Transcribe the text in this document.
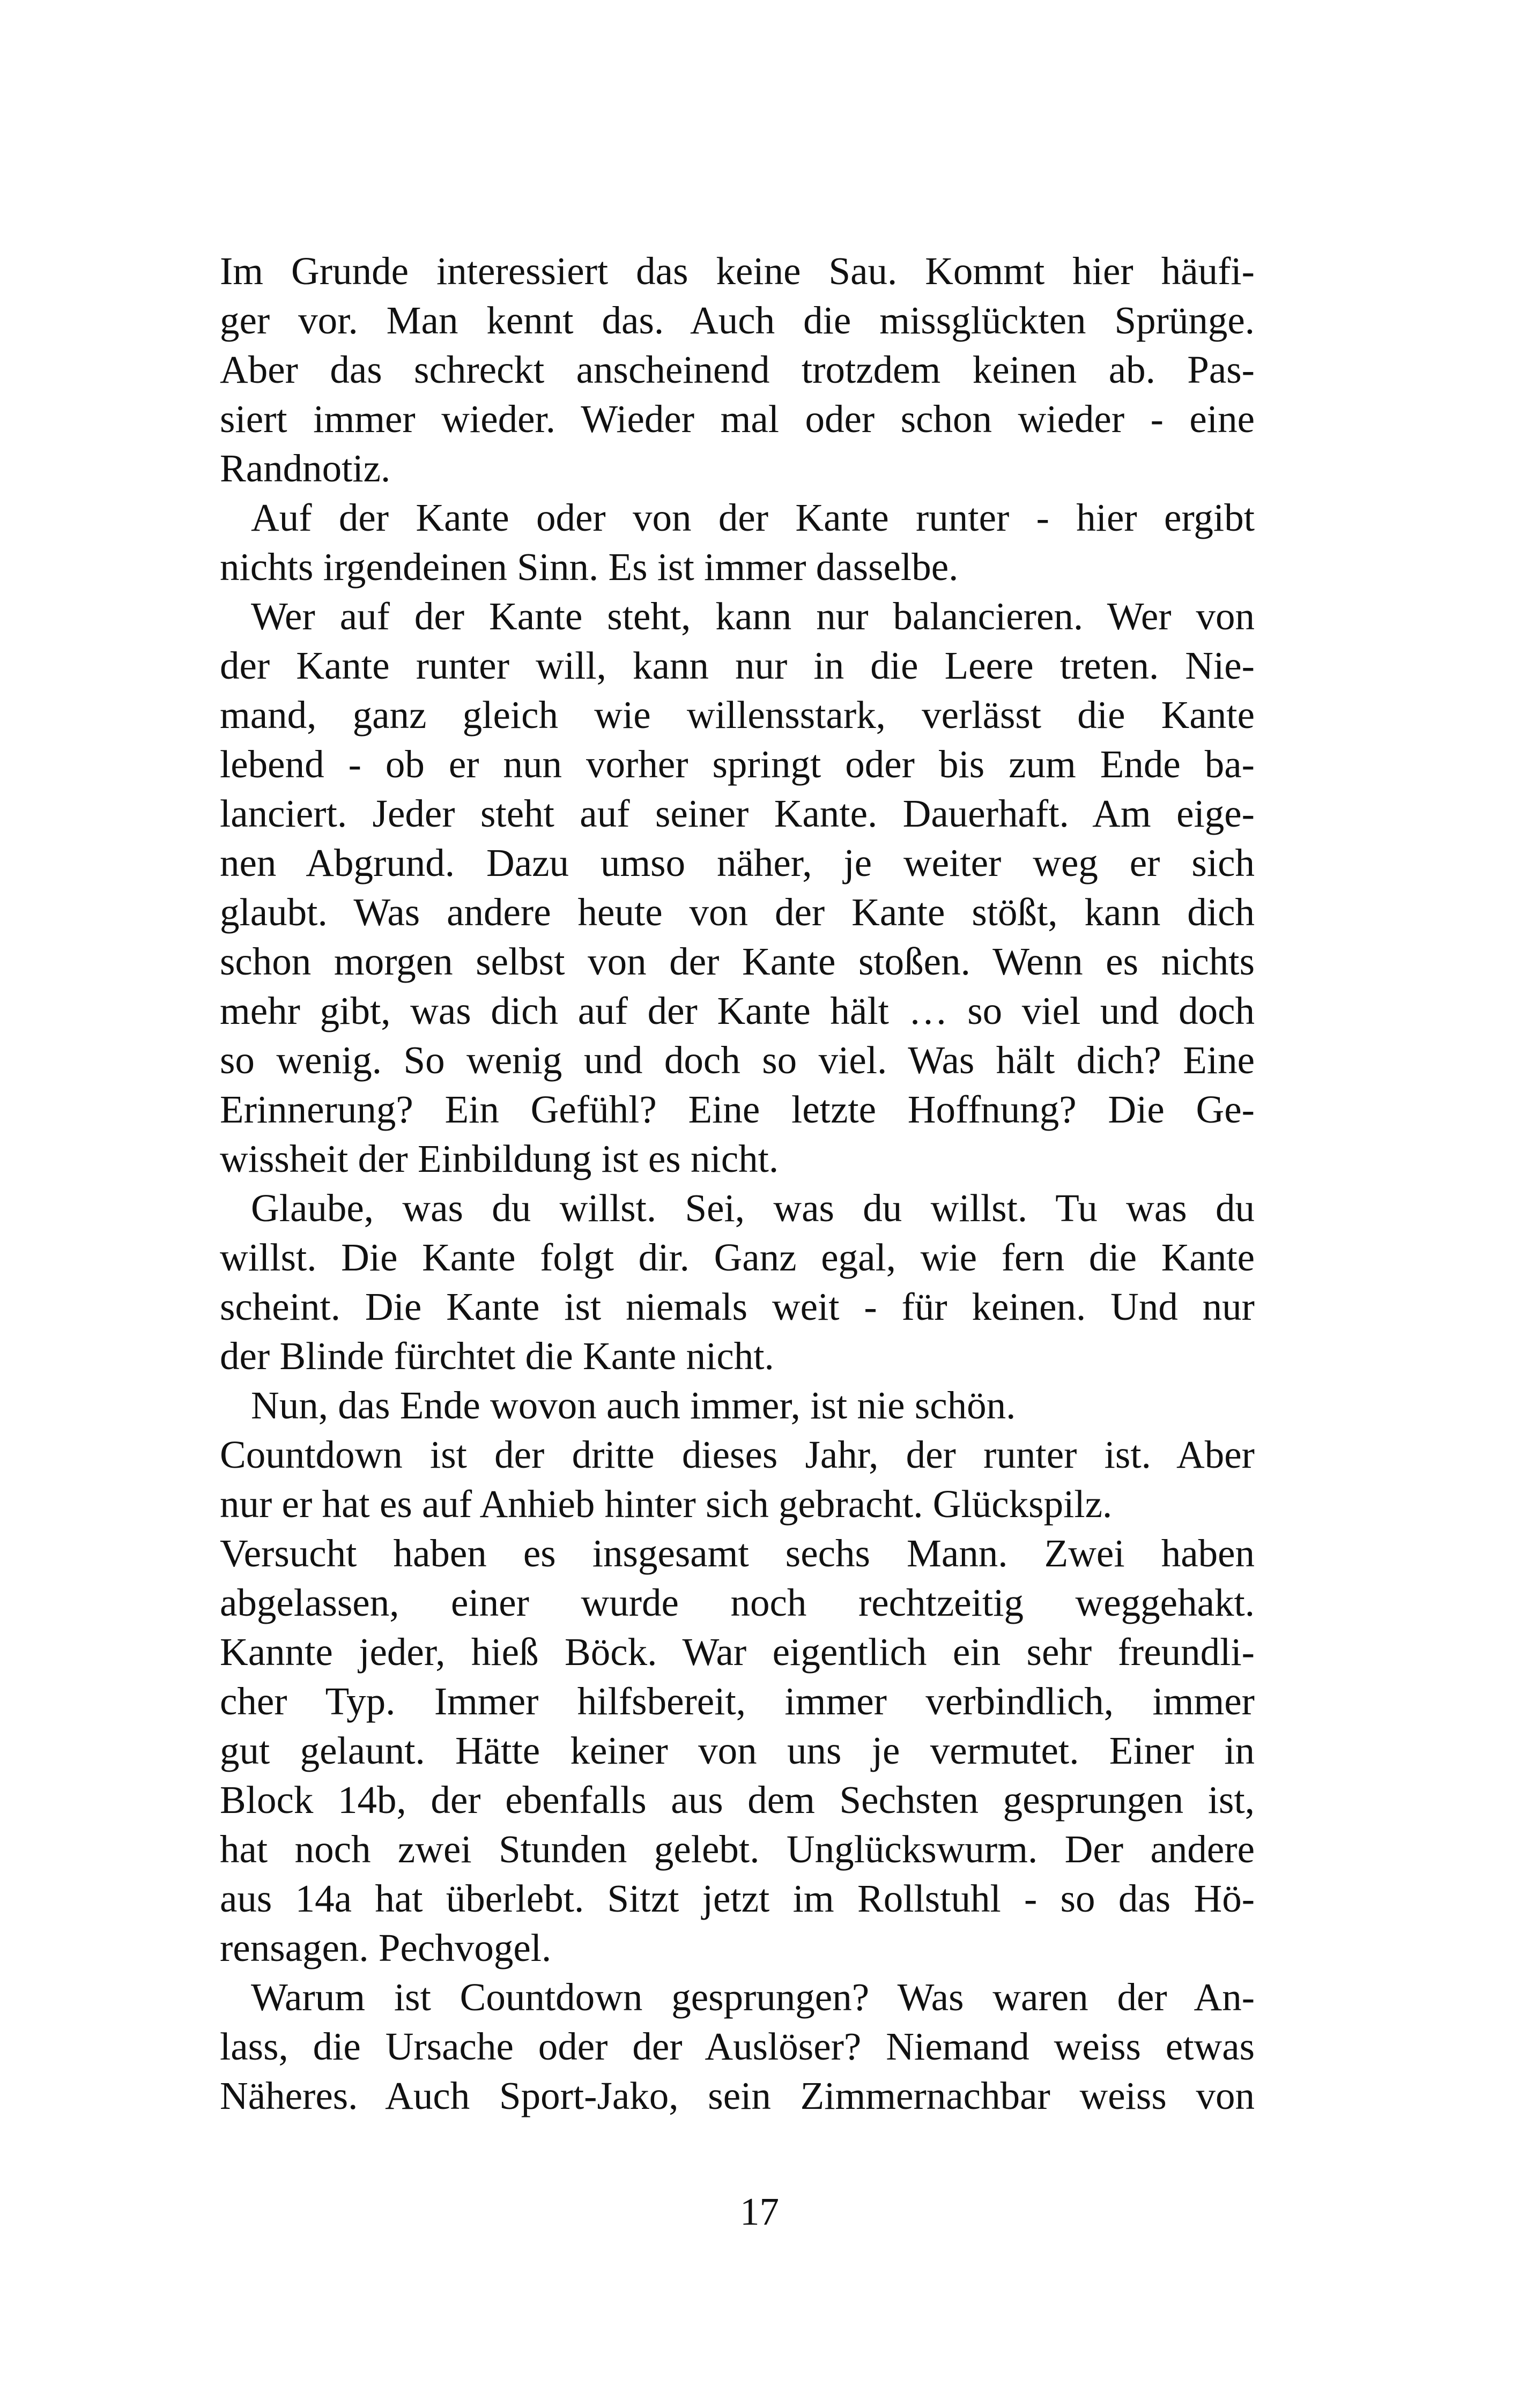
Im Grunde interessiert das keine Sau. Kommt hier häufi-
ger vor. Man kennt das. Auch die missglückten Sprünge.
Aber das schreckt anscheinend trotzdem keinen ab. Pas-
siert immer wieder. Wieder mal oder schon wieder - eine
Randnotiz.
Auf der Kante oder von der Kante runter - hier ergibt
nichts irgendeinen Sinn. Es ist immer dasselbe.
Wer auf der Kante steht, kann nur balancieren. Wer von
der Kante runter will, kann nur in die Leere treten. Nie-
mand, ganz gleich wie willensstark, verlässt die Kante
lebend - ob er nun vorher springt oder bis zum Ende ba-
lanciert. Jeder steht auf seiner Kante. Dauerhaft. Am eige-
nen Abgrund. Dazu umso näher, je weiter weg er sich
glaubt. Was andere heute von der Kante stößt, kann dich
schon morgen selbst von der Kante stoßen. Wenn es nichts
mehr gibt, was dich auf der Kante hält … so viel und doch
so wenig. So wenig und doch so viel. Was hält dich? Eine
Erinnerung? Ein Gefühl? Eine letzte Hoffnung? Die Ge-
wissheit der Einbildung ist es nicht.
Glaube, was du willst. Sei, was du willst. Tu was du
willst. Die Kante folgt dir. Ganz egal, wie fern die Kante
scheint. Die Kante ist niemals weit - für keinen. Und nur
der Blinde fürchtet die Kante nicht.
Nun, das Ende wovon auch immer, ist nie schön.
Countdown ist der dritte dieses Jahr, der runter ist. Aber
nur er hat es auf Anhieb hinter sich gebracht. Glückspilz.
Versucht haben es insgesamt sechs Mann. Zwei haben
abgelassen, einer wurde noch rechtzeitig weggehakt.
Kannte jeder, hieß Böck. War eigentlich ein sehr freundli-
cher Typ. Immer hilfsbereit, immer verbindlich, immer
gut gelaunt. Hätte keiner von uns je vermutet. Einer in
Block 14b, der ebenfalls aus dem Sechsten gesprungen ist,
hat noch zwei Stunden gelebt. Unglückswurm. Der andere
aus 14a hat überlebt. Sitzt jetzt im Rollstuhl - so das Hö-
rensagen. Pechvogel.
Warum ist Countdown gesprungen? Was waren der An-
lass, die Ursache oder der Auslöser? Niemand weiss etwas
Näheres. Auch Sport-Jako, sein Zimmernachbar weiss von
17
